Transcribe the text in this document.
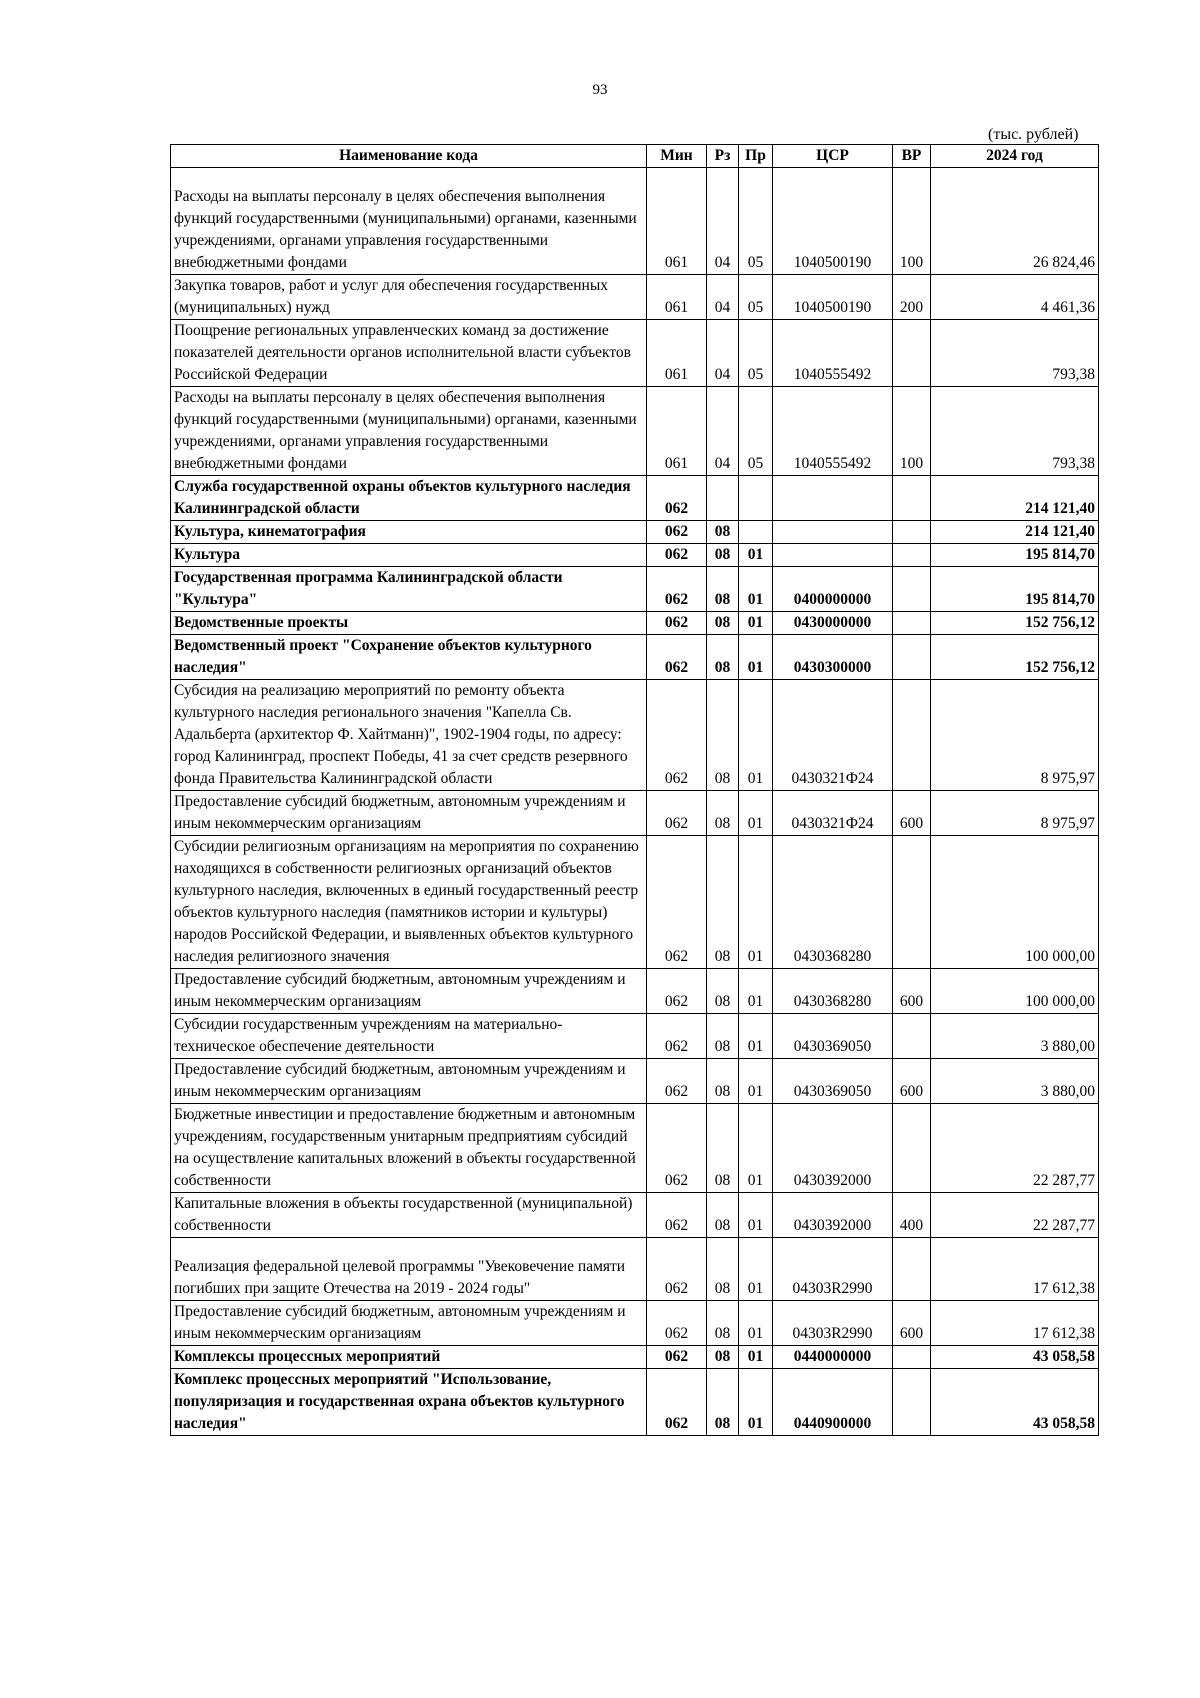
93
(тыс. рублей)
Наименование кода	Мин	Рз	Пр	ЦСР	ВР	2024 год
Расходы на выплаты персоналу в целях обеспечения выполнения функций государственными (муниципальными) органами, казенными учреждениями, органами управления государственными внебюджетными фондами	061	04	05	1040500190	100	26 824,46
Закупка товаров, работ и услуг для обеспечения государственных (муниципальных) нужд	061	04	05	1040500190	200	4 461,36
Поощрение региональных управленческих команд за достижение показателей деятельности органов исполнительной власти субъектов Российской Федерации	061	04	05	1040555492		793,38
Расходы на выплаты персоналу в целях обеспечения выполнения функций государственными (муниципальными) органами, казенными учреждениями, органами управления государственными внебюджетными фондами	061	04	05	1040555492	100	793,38
Служба государственной охраны объектов культурного наследия Калининградской области	062					214 121,40
Культура, кинематография	062	08				214 121,40
Культура	062	08	01			195 814,70
Государственная программа Калининградской области "Культура"	062	08	01	0400000000		195 814,70
Ведомственные проекты	062	08	01	0430000000		152 756,12
Ведомственный проект "Сохранение объектов культурного наследия"	062	08	01	0430300000		152 756,12
Субсидия на реализацию мероприятий по ремонту объекта культурного наследия регионального значения "Капелла Св. Адальберта (архитектор Ф. Хайтманн)", 1902-1904 годы, по адресу: город Калининград, проспект Победы, 41 за счет средств резервного фонда Правительства Калининградской области	062	08	01	0430321Ф24		8 975,97
Предоставление субсидий бюджетным, автономным учреждениям и иным некоммерческим организациям	062	08	01	0430321Ф24	600	8 975,97
Субсидии религиозным организациям на мероприятия по сохранению находящихся в собственности религиозных организаций объектов культурного наследия, включенных в единый государственный реестр объектов культурного наследия (памятников истории и культуры) народов Российской Федерации, и выявленных объектов культурного наследия религиозного значения	062	08	01	0430368280		100 000,00
Предоставление субсидий бюджетным, автономным учреждениям и иным некоммерческим организациям	062	08	01	0430368280	600	100 000,00
Субсидии государственным учреждениям на материально-техническое обеспечение деятельности	062	08	01	0430369050		3 880,00
Предоставление субсидий бюджетным, автономным учреждениям и иным некоммерческим организациям	062	08	01	0430369050	600	3 880,00
Бюджетные инвестиции и предоставление бюджетным и автономным учреждениям, государственным унитарным предприятиям субсидий на осуществление капитальных вложений в объекты государственной собственности	062	08	01	0430392000		22 287,77
Капитальные вложения в объекты государственной (муниципальной) собственности	062	08	01	0430392000	400	22 287,77
Реализация федеральной целевой программы "Увековечение памяти погибших при защите Отечества на 2019 - 2024 годы"	062	08	01	04303R2990		17 612,38
Предоставление субсидий бюджетным, автономным учреждениям и иным некоммерческим организациям	062	08	01	04303R2990	600	17 612,38
Комплексы процессных мероприятий	062	08	01	0440000000		43 058,58
Комплекс процессных мероприятий "Использование, популяризация и государственная охрана объектов культурного наследия"	062	08	01	0440900000		43 058,58
